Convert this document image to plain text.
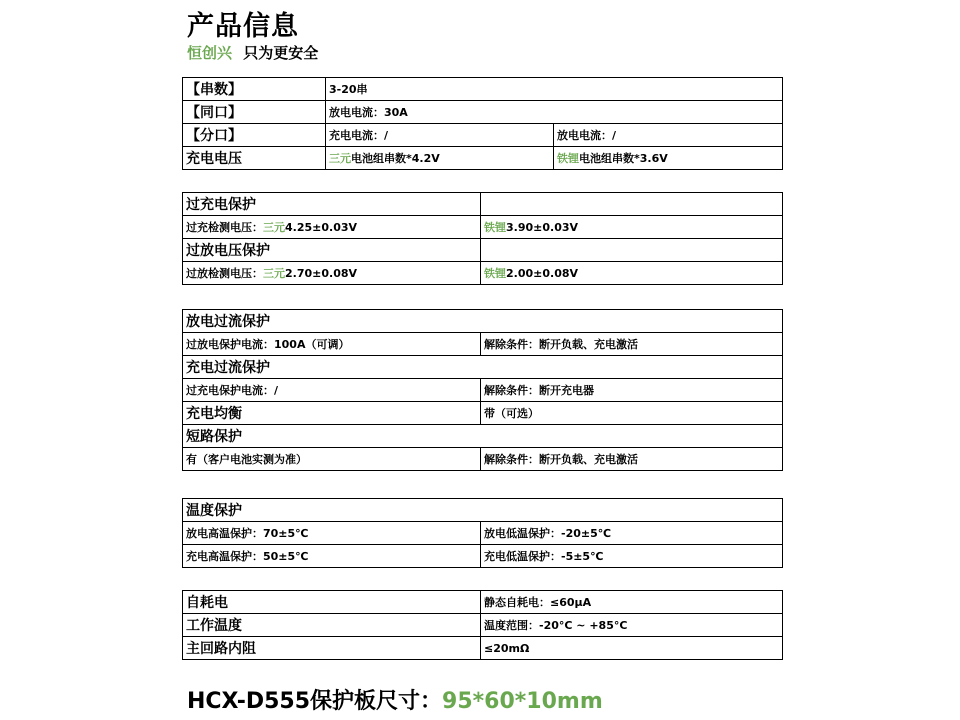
产品信息
恒创兴 只为更安全
【串数】	3-20串	
【同口】	放电电流：30A	
【分口】	充电电流：/	放电电流：/
充电电压	三元电池组串数*4.2V	铁锂电池组串数*3.6V
过充电保护	
过充检测电压：三元4.25±0.03V	铁锂3.90±0.03V
过放电压保护	
过放检测电压：三元2.70±0.08V	铁锂2.00±0.08V
放电过流保护	
过放电保护电流：100A（可调）	解除条件：断开负载、充电激活
充电过流保护	
过充电保护电流：/	解除条件：断开充电器
充电均衡	带（可选）
短路保护	
有（客户电池实测为准）	解除条件：断开负载、充电激活
温度保护	
放电高温保护：70±5℃	放电低温保护：-20±5℃
充电高温保护：50±5℃	充电低温保护：-5±5℃
自耗电	静态自耗电：≤60μA
工作温度	温度范围：-20°C ~ +85°C
主回路内阻	≤20mΩ
HCX-D555保护板尺寸：95*60*10mm
